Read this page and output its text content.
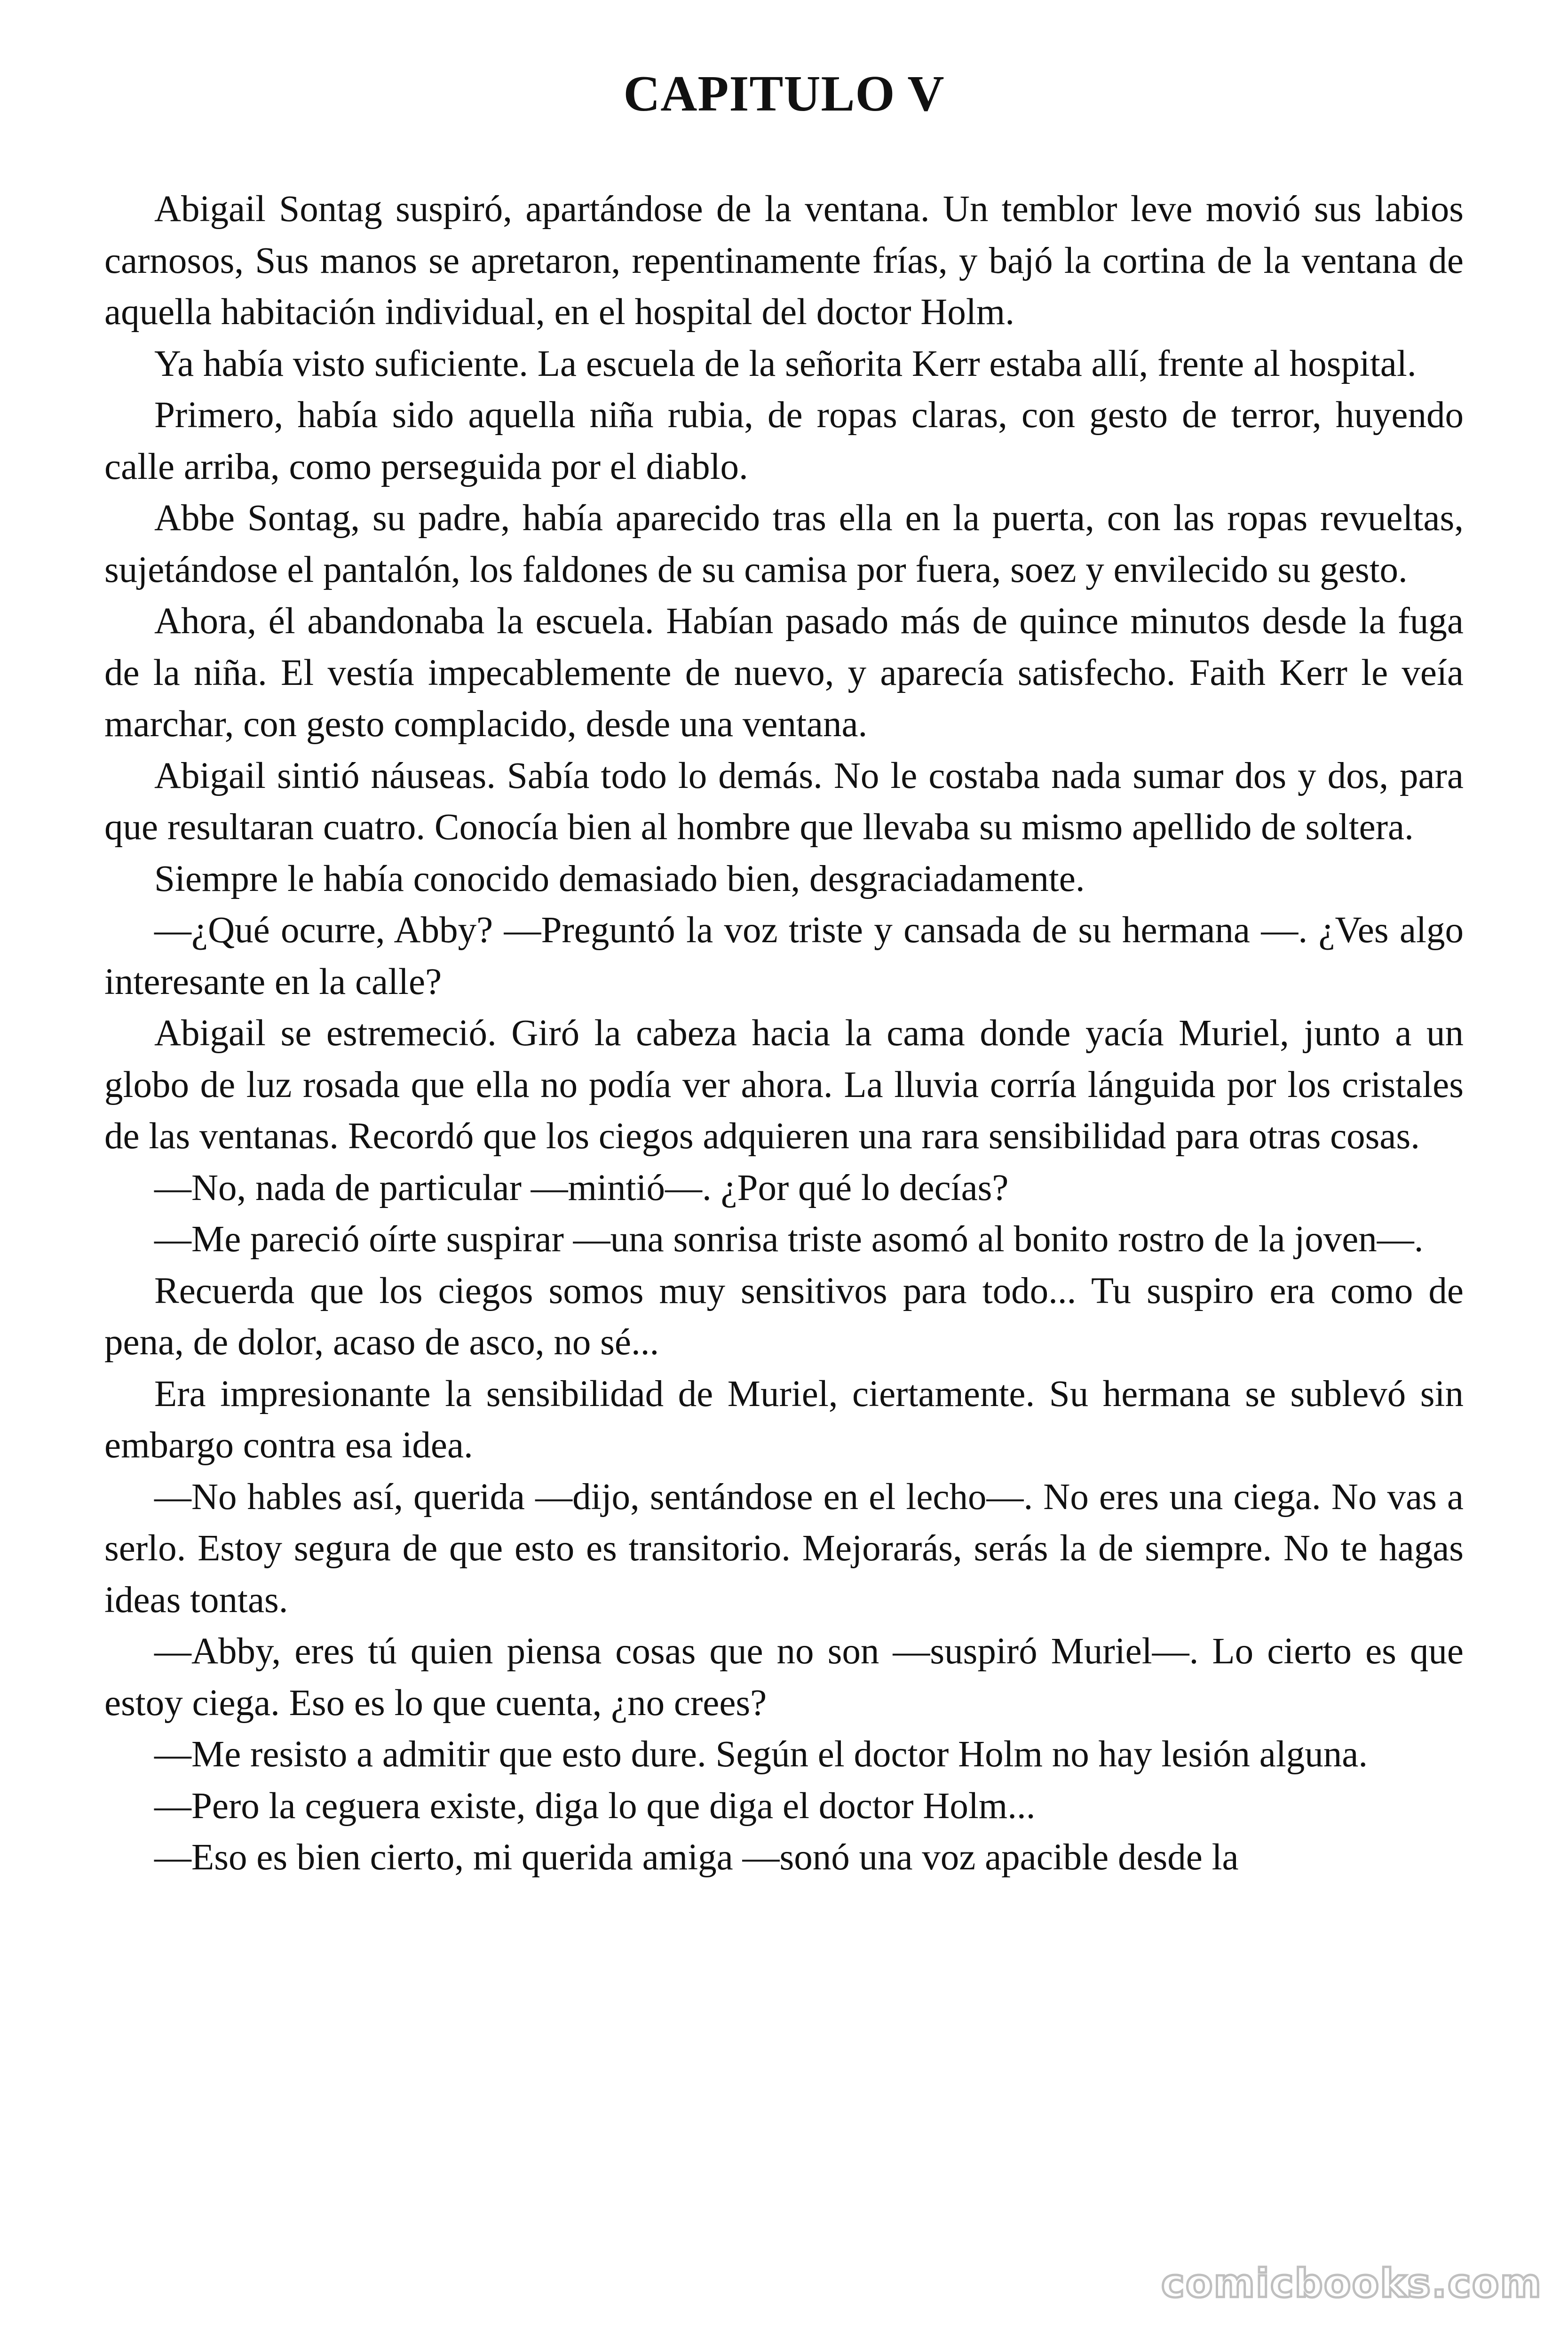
CAPITULO V

Abigail Sontag suspiró, apartándose de la ventana. Un temblor leve movió sus labios carnosos, Sus manos se apretaron, repentinamente frías, y bajó la cortina de la ventana de aquella habitación individual, en el hospital del doctor Holm.

Ya había visto suficiente. La escuela de la señorita Kerr estaba allí, frente al hospital.

Primero, había sido aquella niña rubia, de ropas claras, con gesto de terror, huyendo calle arriba, como perseguida por el diablo.

Abbe Sontag, su padre, había aparecido tras ella en la puerta, con las ropas revueltas, sujetándose el pantalón, los faldones de su camisa por fuera, soez y envilecido su gesto.

Ahora, él abandonaba la escuela. Habían pasado más de quince minutos desde la fuga de la niña. El vestía impecablemente de nuevo, y aparecía satisfecho. Faith Kerr le veía marchar, con gesto complacido, desde una ventana.

Abigail sintió náuseas. Sabía todo lo demás. No le costaba nada sumar dos y dos, para que resultaran cuatro. Conocía bien al hombre que llevaba su mismo apellido de soltera.

Siempre le había conocido demasiado bien, desgraciadamente.

—¿Qué ocurre, Abby? —Preguntó la voz triste y cansada de su hermana —. ¿Ves algo interesante en la calle?

Abigail se estremeció. Giró la cabeza hacia la cama donde yacía Muriel, junto a un globo de luz rosada que ella no podía ver ahora. La lluvia corría lánguida por los cristales de las ventanas. Recordó que los ciegos adquieren una rara sensibilidad para otras cosas.

—No, nada de particular —mintió—. ¿Por qué lo decías?

—Me pareció oírte suspirar —una sonrisa triste asomó al bonito rostro de la joven—.

Recuerda que los ciegos somos muy sensitivos para todo... Tu suspiro era como de pena, de dolor, acaso de asco, no sé...

Era impresionante la sensibilidad de Muriel, ciertamente. Su hermana se sublevó sin embargo contra esa idea.

—No hables así, querida —dijo, sentándose en el lecho—. No eres una ciega. No vas a serlo. Estoy segura de que esto es transitorio. Mejorarás, serás la de siempre. No te hagas ideas tontas.

—Abby, eres tú quien piensa cosas que no son —suspiró Muriel—. Lo cierto es que estoy ciega. Eso es lo que cuenta, ¿no crees?

—Me resisto a admitir que esto dure. Según el doctor Holm no hay lesión alguna.

—Pero la ceguera existe, diga lo que diga el doctor Holm...

—Eso es bien cierto, mi querida amiga —sonó una voz apacible desde la

comicbooks.com
